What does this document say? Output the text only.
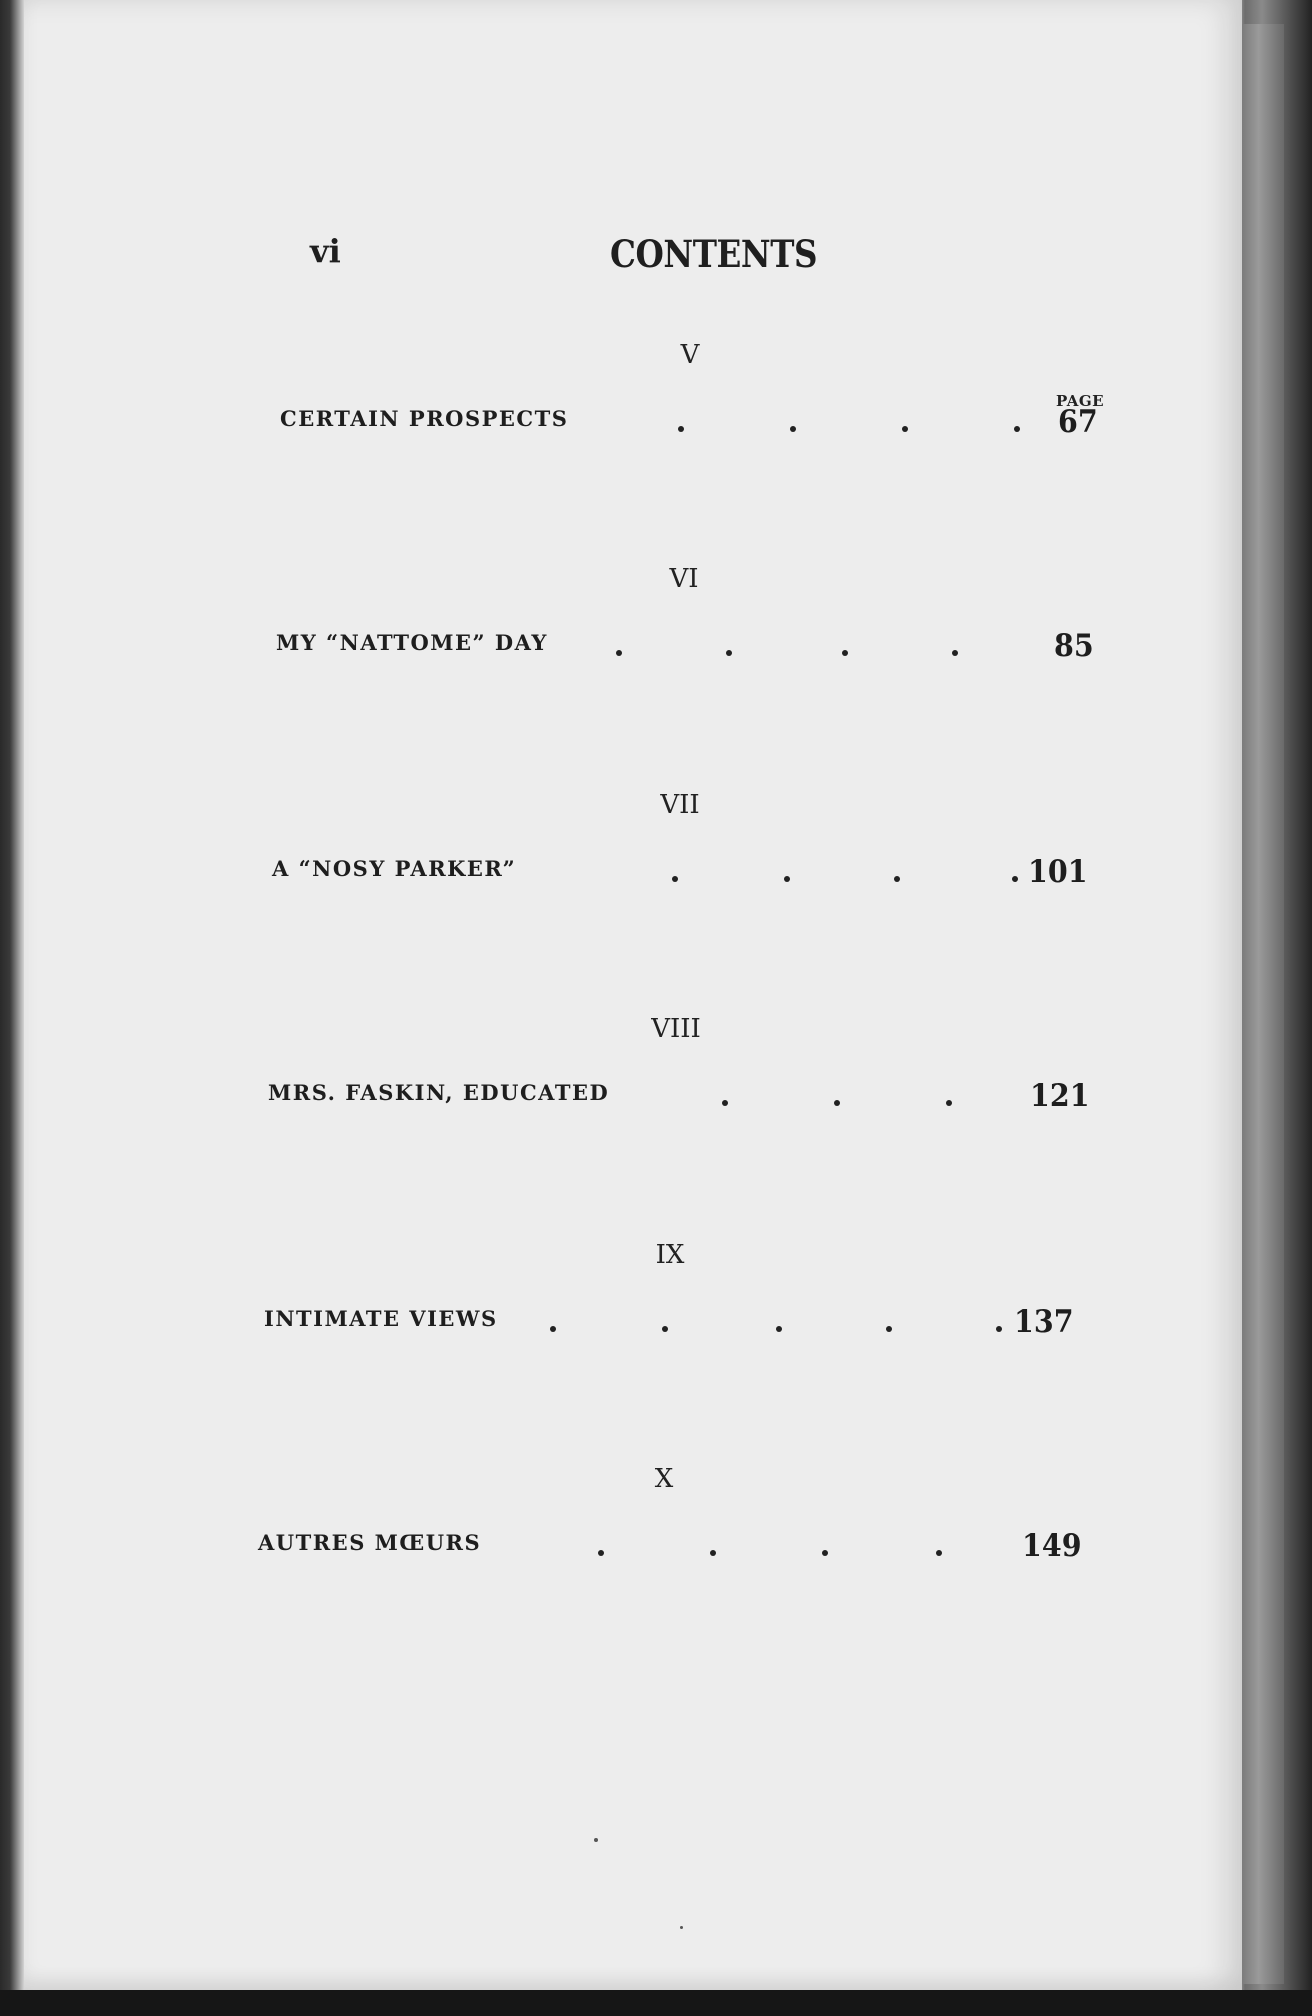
vi	CONTENTS
PAGE
V
CERTAIN PROSPECTS	67
VI
MY “NATTOME” DAY	85
VII
A “NOSY PARKER”	101
VIII
MRS. FASKIN, EDUCATED	121
IX
INTIMATE VIEWS	137
X
AUTRES MŒURS	149
